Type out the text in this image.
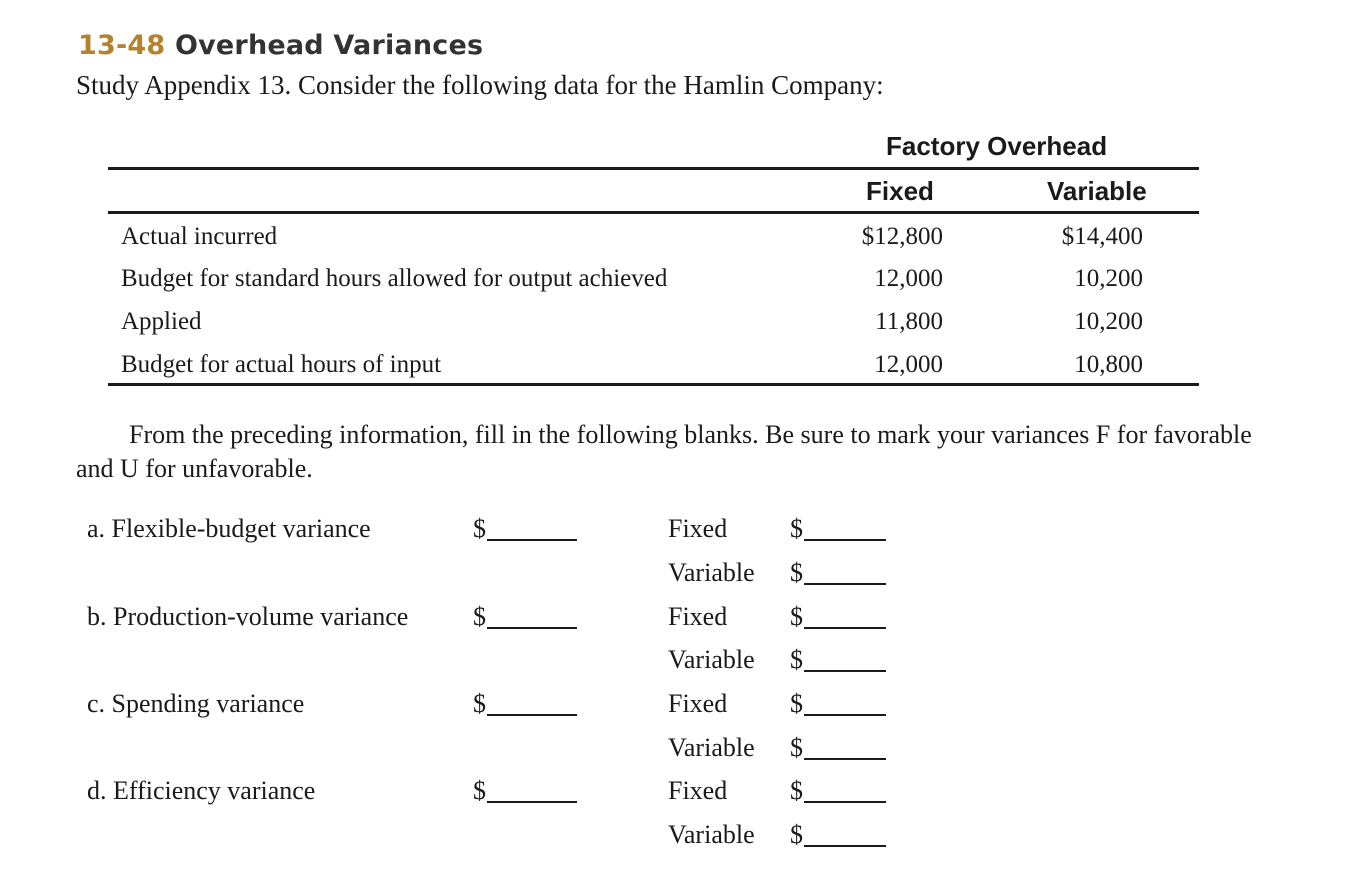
13-48 Overhead Variances
Study Appendix 13. Consider the following data for the Hamlin Company:
Factory Overhead
Fixed	Variable
Actual incurred	$12,800	$14,400
Budget for standard hours allowed for output achieved	12,000	10,200
Applied	11,800	10,200
Budget for actual hours of input	12,000	10,800
From the preceding information, fill in the following blanks. Be sure to mark your variances F for favorable and U for unfavorable.
a. Flexible-budget variance	$	Fixed $
Variable $
b. Production-volume variance $	Fixed $
Variable $
c. Spending variance	$	Fixed $
Variable $
d. Efficiency variance	$	Fixed $
Variable $
